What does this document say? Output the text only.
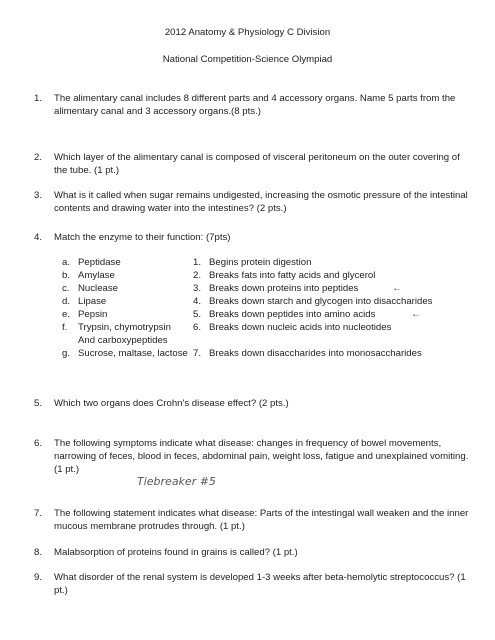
2012 Anatomy & Physiology C Division
National Competition-Science Olympiad
1.	The alimentary canal includes 8 different parts and 4 accessory organs. Name 5 parts from the alimentary canal and 3 accessory organs.(8 pts.)
2.	Which layer of the alimentary canal is composed of visceral peritoneum on the outer covering of the tube. (1 pt.)
3.	What is it called when sugar remains undigested, increasing the osmotic pressure of the intestinal contents and drawing water into the intestines? (2 pts.)
4.	Match the enzyme to their function: (7pts)
a. Peptidase	1. Begins protein digestion
b. Amylase	2. Breaks fats into fatty acids and glycerol
c. Nuclease	3. Breaks down proteins into peptides	←
d. Lipase	4. Breaks down starch and glycogen into disaccharides
e. Pepsin	5. Breaks down peptides into amino acids	←
f. Trypsin, chymotrypsin 6. Breaks down nucleic acids into nucleotides
And carboxypeptides
g. Sucrose, maltase, lactose 7. Breaks down disaccharides into monosaccharides
5.	Which two organs does Crohn's disease effect? (2 pts.)
6.	The following symptoms indicate what disease: changes in frequency of bowel movements, narrowing of feces, blood in feces, abdominal pain, weight loss, fatigue and unexplained vomiting. (1 pt.)
Tiebreaker #5
7.	The following statement indicates what disease: Parts of the intestingal wall weaken and the inner mucous membrane protrudes through. (1 pt.)
8.	Malabsorption of proteins found in grains is called? (1 pt.)
9.	What disorder of the renal system is developed 1-3 weeks after beta-hemolytic streptococcus? (1 pt.)
